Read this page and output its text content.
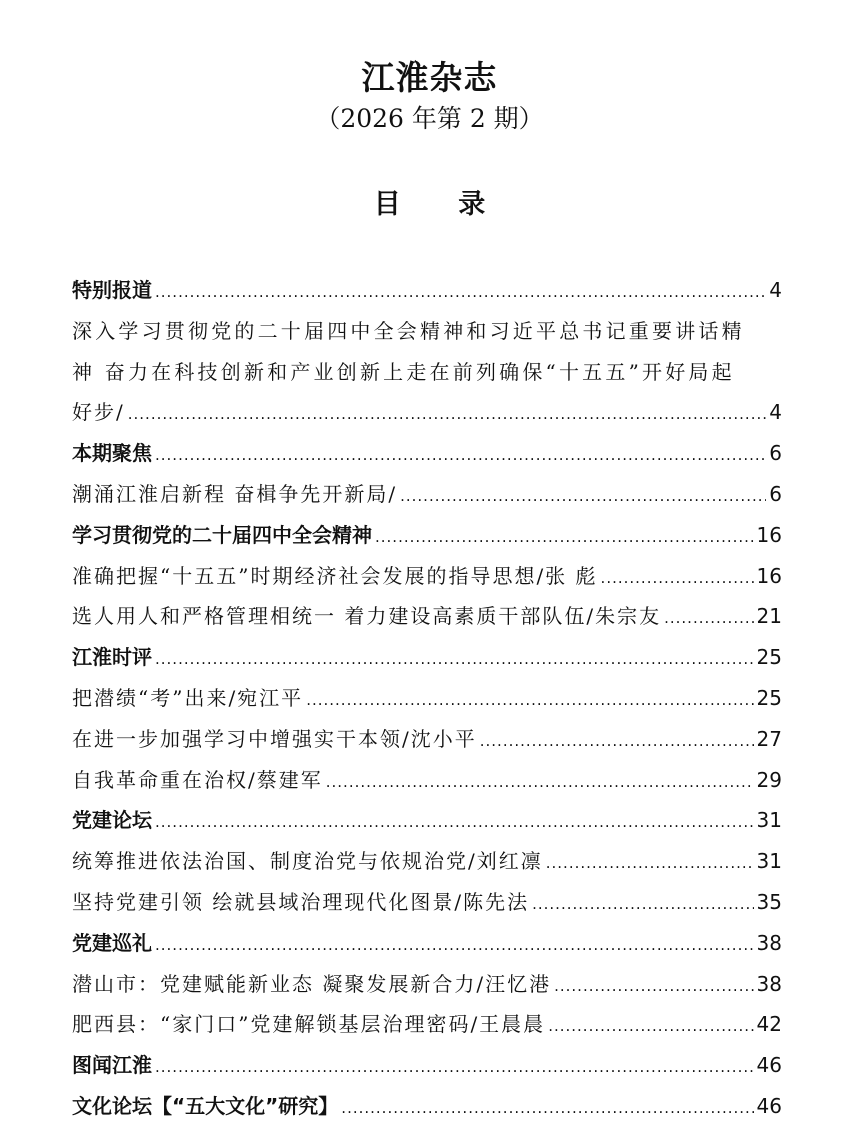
江淮杂志
（2026 年第 2 期）
目 录
特别报道 .....	4
深入学习贯彻党的二十届四中全会精神和习近平总书记重要讲话精
神 奋力在科技创新和产业创新上走在前列确保“十五五”开好局起
好步/ .....	4
本期聚焦 .....	6
潮涌江淮启新程 奋楫争先开新局/ .....	6
学习贯彻党的二十届四中全会精神 .....	16
准确把握“十五五”时期经济社会发展的指导思想/张 彪 .....	16
选人用人和严格管理相统一 着力建设高素质干部队伍/朱宗友 .....	21
江淮时评 .....	25
把潜绩“考”出来/宛江平 .....	25
在进一步加强学习中增强实干本领/沈小平 .....	27
自我革命重在治权/蔡建军 .....	29
党建论坛 .....	31
统筹推进依法治国、制度治党与依规治党/刘红凛 .....	31
坚持党建引领 绘就县域治理现代化图景/陈先法 .....	35
党建巡礼 .....	38
潜山市：党建赋能新业态 凝聚发展新合力/汪忆港 .....	38
肥西县：“家门口”党建解锁基层治理密码/王晨晨 .....	42
图闻江淮 .....	46
文化论坛【“五大文化”研究】 .....	46
